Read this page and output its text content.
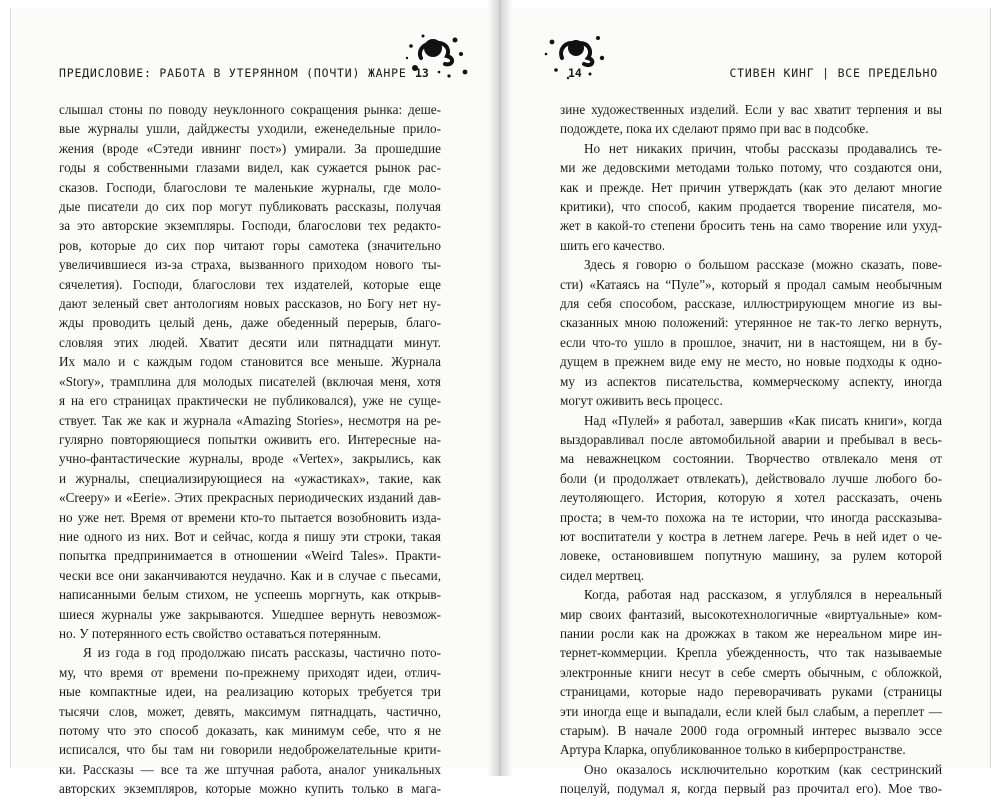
ПРЕДИСЛОВИЕ: РАБОТА В УТЕРЯННОМ (ПОЧТИ) ЖАНРЕ 13

слышал стоны по поводу неуклонного сокращения рынка: деше-

вые журналы ушли, дайджесты уходили, еженедельные прило-

жения (вроде «Сэтеди ивнинг пост») умирали. За прошедшие

годы я собственными глазами видел, как сужается рынок рас-

сказов. Господи, благослови те маленькие журналы, где моло-

дые писатели до сих пор могут публиковать рассказы, получая

за это авторские экземпляры. Господи, благослови тех редакто-

ров, которые до сих пор читают горы самотека (значительно

увеличившиеся из-за страха, вызванного приходом нового ты-

сячелетия). Господи, благослови тех издателей, которые еще

дают зеленый свет антологиям новых рассказов, но Богу нет ну-

жды проводить целый день, даже обеденный перерыв, благо-

словляя этих людей. Хватит десяти или пятнадцати минут.

Их мало и с каждым годом становится все меньше. Журнала

«Story», трамплина для молодых писателей (включая меня, хотя

я на его страницах практически не публиковался), уже не суще-

ствует. Так же как и журнала «Amazing Stories», несмотря на ре-

гулярно повторяющиеся попытки оживить его. Интересные на-

учно-фантастические журналы, вроде «Vertex», закрылись, как

и журналы, специализирующиеся на «ужастиках», такие, как

«Creepy» и «Eerie». Этих прекрасных периодических изданий дав-

но уже нет. Время от времени кто-то пытается возобновить изда-

ние одного из них. Вот и сейчас, когда я пишу эти строки, такая

попытка предпринимается в отношении «Weird Tales». Практи-

чески все они заканчиваются неудачно. Как и в случае с пьесами,

написанными белым стихом, не успеешь моргнуть, как открыв-

шиеся журналы уже закрываются. Ушедшее вернуть невозмож-

но. У потерянного есть свойство оставаться потерянным.

Я из года в год продолжаю писать рассказы, частично пото-

му, что время от времени по-прежнему приходят идеи, отлич-

ные компактные идеи, на реализацию которых требуется три

тысячи слов, может, девять, максимум пятнадцать, частично,

потому что это способ доказать, как минимум себе, что я не

исписался, что бы там ни говорили недоброжелательные крити-

ки. Рассказы — все та же штучная работа, аналог уникальных

авторских экземпляров, которые можно купить только в мага-

14	СТИВЕН КИНГ | ВСЕ ПРЕДЕЛЬНО

зине художественных изделий. Если у вас хватит терпения и вы

подождете, пока их сделают прямо при вас в подсобке.

Но нет никаких причин, чтобы рассказы продавались те-

ми же дедовскими методами только потому, что создаются они,

как и прежде. Нет причин утверждать (как это делают многие

критики), что способ, каким продается творение писателя, мо-

жет в какой-то степени бросить тень на само творение или ухуд-

шить его качество.

Здесь я говорю о большом рассказе (можно сказать, пове-

сти) «Катаясь на “Пуле”», который я продал самым необычным

для себя способом, рассказе, иллюстрирующем многие из вы-

сказанных мною положений: утерянное не так-то легко вернуть,

если что-то ушло в прошлое, значит, ни в настоящем, ни в бу-

дущем в прежнем виде ему не место, но новые подходы к одно-

му из аспектов писательства, коммерческому аспекту, иногда

могут оживить весь процесс.

Над «Пулей» я работал, завершив «Как писать книги», когда

выздоравливал после автомобильной аварии и пребывал в весь-

ма неважнецком состоянии. Творчество отвлекало меня от

боли (и продолжает отвлекать), действовало лучше любого бо-

леутоляющего. История, которую я хотел рассказать, очень

проста; в чем-то похожа на те истории, что иногда рассказыва-

ют воспитатели у костра в летнем лагере. Речь в ней идет о че-

ловеке, остановившем попутную машину, за рулем которой

сидел мертвец.

Когда, работая над рассказом, я углублялся в нереальный

мир своих фантазий, высокотехнологичные «виртуальные» ком-

пании росли как на дрожжах в таком же нереальном мире ин-

тернет-коммерции. Крепла убежденность, что так называемые

электронные книги несут в себе смерть обычным, с обложкой,

страницами, которые надо переворачивать руками (страницы

эти иногда еще и выпадали, если клей был слабым, а переплет —

старым). В начале 2000 года огромный интерес вызвало эссе

Артура Кларка, опубликованное только в киберпространстве.

Оно оказалось исключительно коротким (как сестринский

поцелуй, подумал я, когда первый раз прочитал его). Мое тво-
